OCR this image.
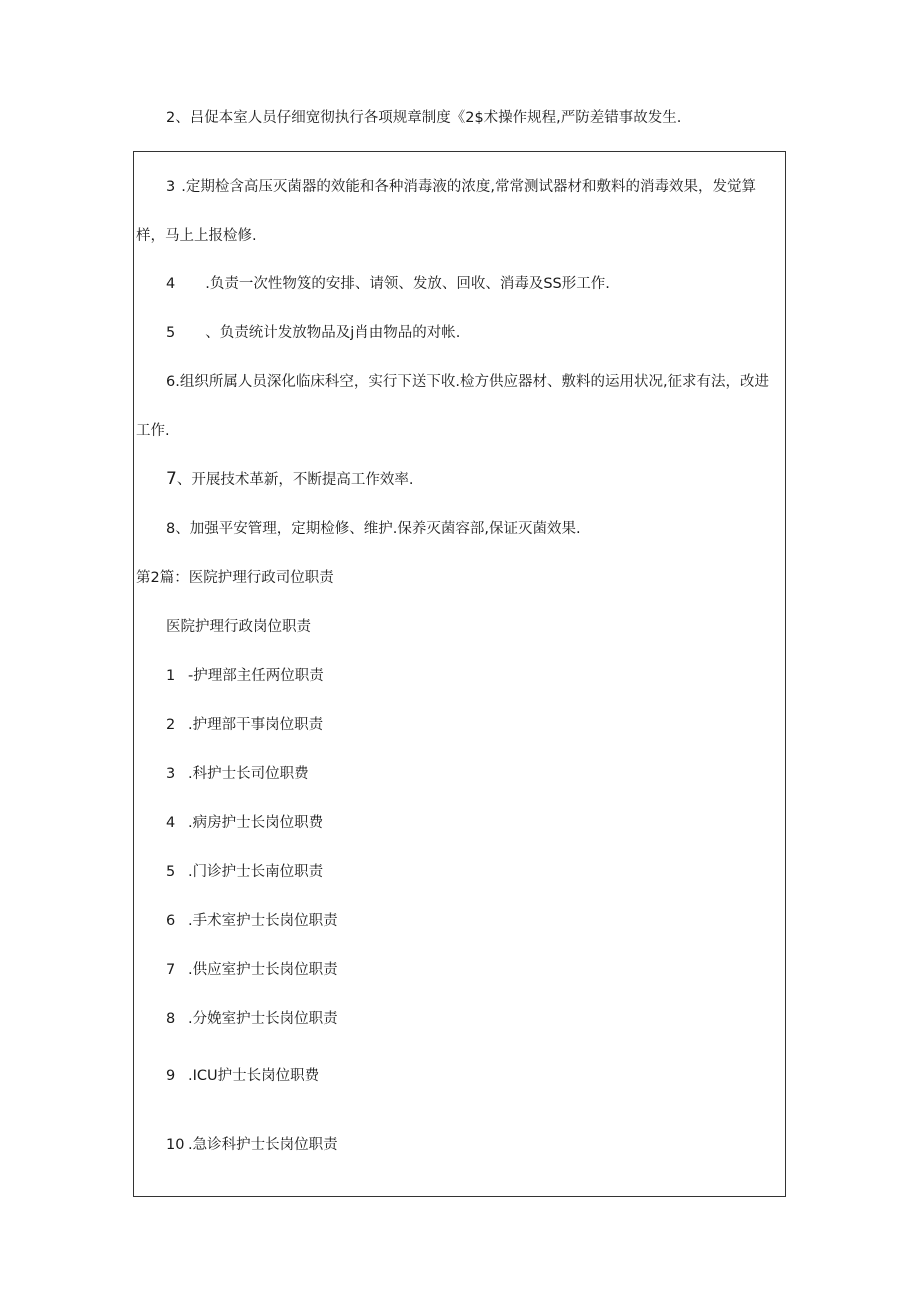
2、吕促本室人员仔细宽彻执行各项规章制度《2$术操作规程,严防差错事故发生.
3 .定期检含高压灭菌器的效能和各种消毒液的浓度,常常测试器材和敷料的消毒效果，发觉算
样，马上上报检修.
4 .负责一次性物笈的安排、请领、发放、回收、消毒及SS形工作.
5 、负责统计发放物品及j肖由物品的对帐.
6.组织所属人员深化临床科空，实行下送下收.检方供应器材、敷料的运用状况,征求有法，改进
工作.
7、开展技术革新，不断提高工作效率.
8、加强平安管理，定期检修、维护.保养灭菌容部,保证灭菌效果.
第2篇：医院护理行政司位职责
医院护理行政岗位职责
1 -护理部主任两位职责
2 .护理部干事岗位职责
3 .科护士长司位职费
4 .病房护士长岗位职费
5 .门诊护士长南位职责
6 .手术室护士长岗位职责
7 .供应室护士长岗位职责
8 .分娩室护士长岗位职责
9 .ICU护士长岗位职费
10 .急诊科护士长岗位职责
